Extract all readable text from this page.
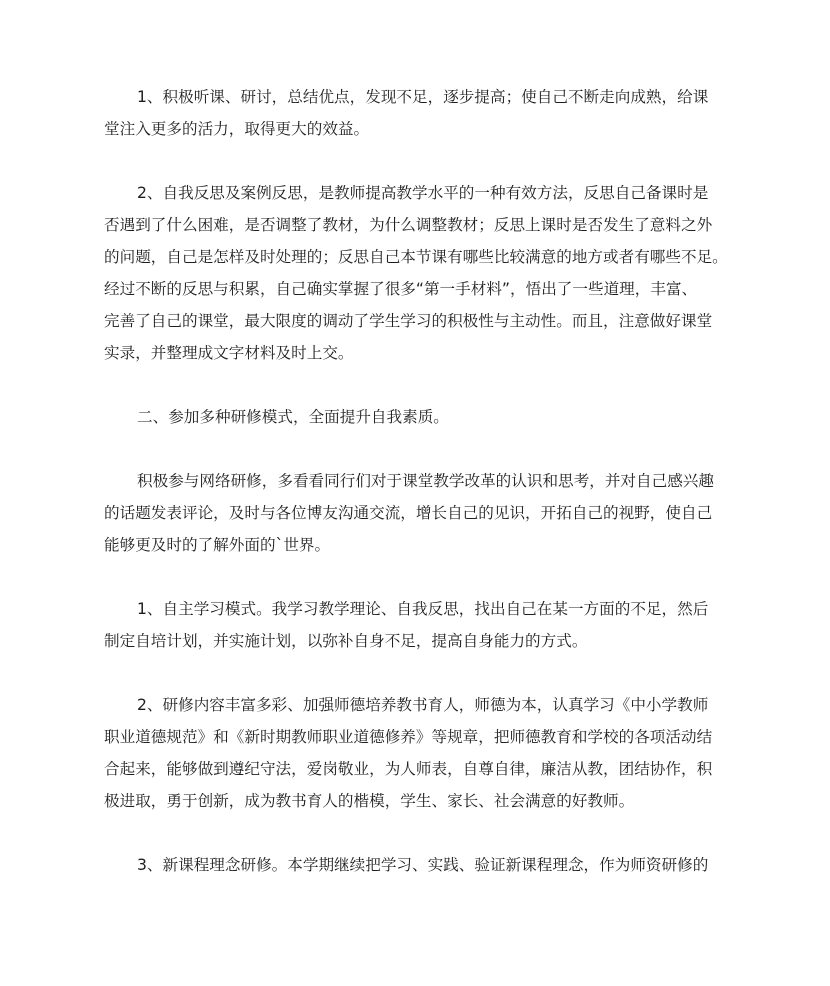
1、积极听课、研讨，总结优点，发现不足，逐步提高；使自己不断走向成熟，给课
堂注入更多的活力，取得更大的效益。
2、自我反思及案例反思，是教师提高教学水平的一种有效方法，反思自己备课时是
否遇到了什么困难，是否调整了教材，为什么调整教材；反思上课时是否发生了意料之外
的问题，自己是怎样及时处理的；反思自己本节课有哪些比较满意的地方或者有哪些不足。
经过不断的反思与积累，自己确实掌握了很多“第一手材料”，悟出了一些道理，丰富、
完善了自己的课堂，最大限度的调动了学生学习的积极性与主动性。而且，注意做好课堂
实录，并整理成文字材料及时上交。
二、参加多种研修模式，全面提升自我素质。
积极参与网络研修，多看看同行们对于课堂教学改革的认识和思考，并对自己感兴趣
的话题发表评论，及时与各位博友沟通交流，增长自己的见识，开拓自己的视野，使自己
能够更及时的了解外面的`世界。
1、自主学习模式。我学习教学理论、自我反思，找出自己在某一方面的不足，然后
制定自培计划，并实施计划，以弥补自身不足，提高自身能力的方式。
2、研修内容丰富多彩、加强师德培养教书育人，师德为本，认真学习《中小学教师
职业道德规范》和《新时期教师职业道德修养》等规章，把师德教育和学校的各项活动结
合起来，能够做到遵纪守法，爱岗敬业，为人师表，自尊自律，廉洁从教，团结协作，积
极进取，勇于创新，成为教书育人的楷模，学生、家长、社会满意的好教师。
3、新课程理念研修。本学期继续把学习、实践、验证新课程理念，作为师资研修的
